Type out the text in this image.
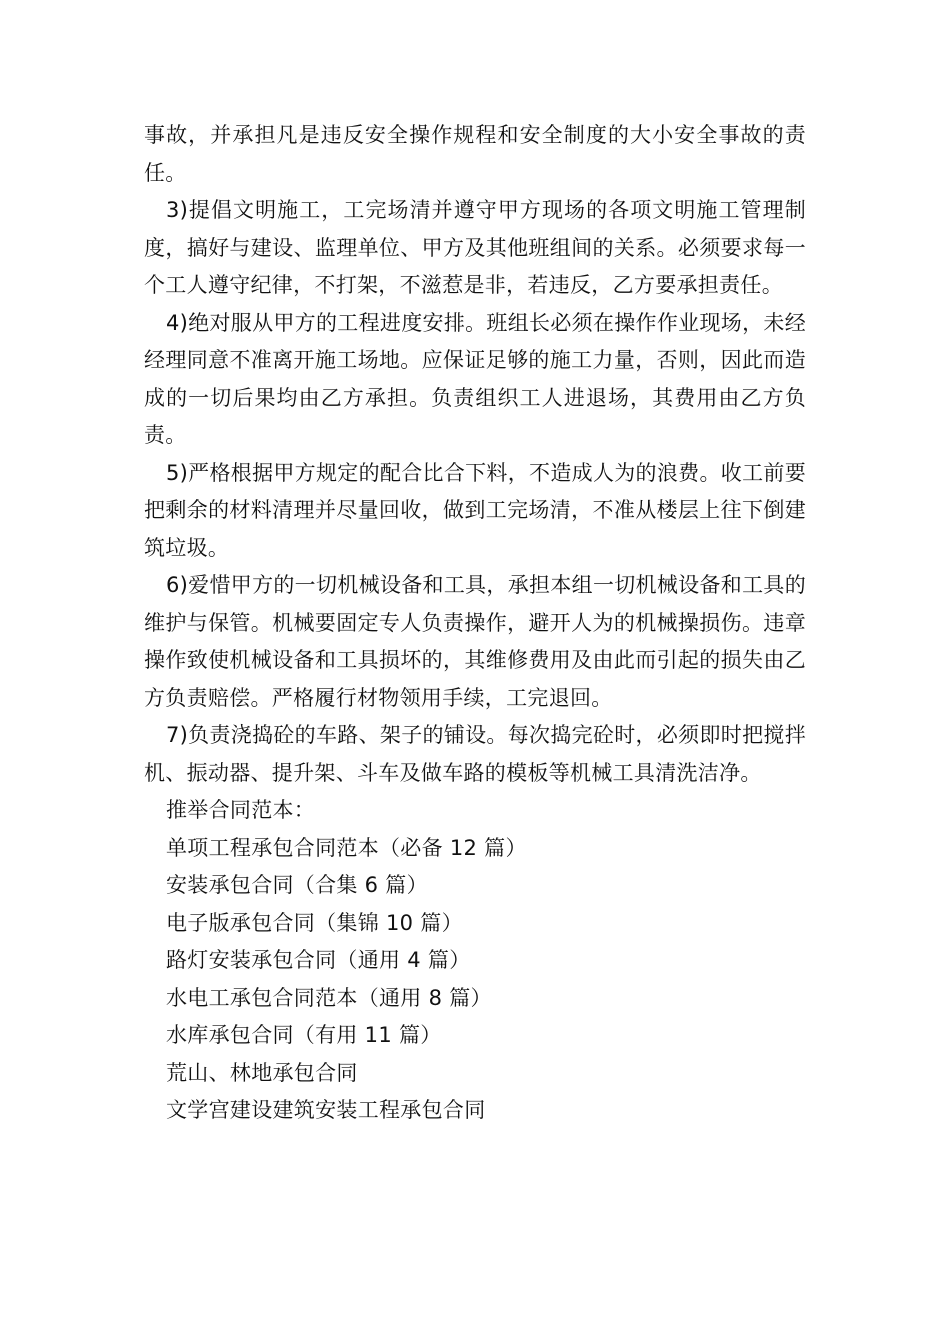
事故，并承担凡是违反安全操作规程和安全制度的大小安全事故的责任。

3)提倡文明施工，工完场清并遵守甲方现场的各项文明施工管理制度，搞好与建设、监理单位、甲方及其他班组间的关系。必须要求每一个工人遵守纪律，不打架，不滋惹是非，若违反，乙方要承担责任。

4)绝对服从甲方的工程进度安排。班组长必须在操作作业现场，未经经理同意不准离开施工场地。应保证足够的施工力量，否则，因此而造成的一切后果均由乙方承担。负责组织工人进退场，其费用由乙方负责。

5)严格根据甲方规定的配合比合下料，不造成人为的浪费。收工前要把剩余的材料清理并尽量回收，做到工完场清，不准从楼层上往下倒建筑垃圾。

6)爱惜甲方的一切机械设备和工具，承担本组一切机械设备和工具的维护与保管。机械要固定专人负责操作，避开人为的机械操损伤。违章操作致使机械设备和工具损坏的，其维修费用及由此而引起的损失由乙方负责赔偿。严格履行材物领用手续，工完退回。

7)负责浇捣砼的车路、架子的铺设。每次捣完砼时，必须即时把搅拌机、振动器、提升架、斗车及做车路的模板等机械工具清洗洁净。

推举合同范本：

单项工程承包合同范本（必备 12 篇）
安装承包合同（合集 6 篇）
电子版承包合同（集锦 10 篇）
路灯安装承包合同（通用 4 篇）
水电工承包合同范本（通用 8 篇）
水库承包合同（有用 11 篇）
荒山、林地承包合同
文学宫建设建筑安装工程承包合同
